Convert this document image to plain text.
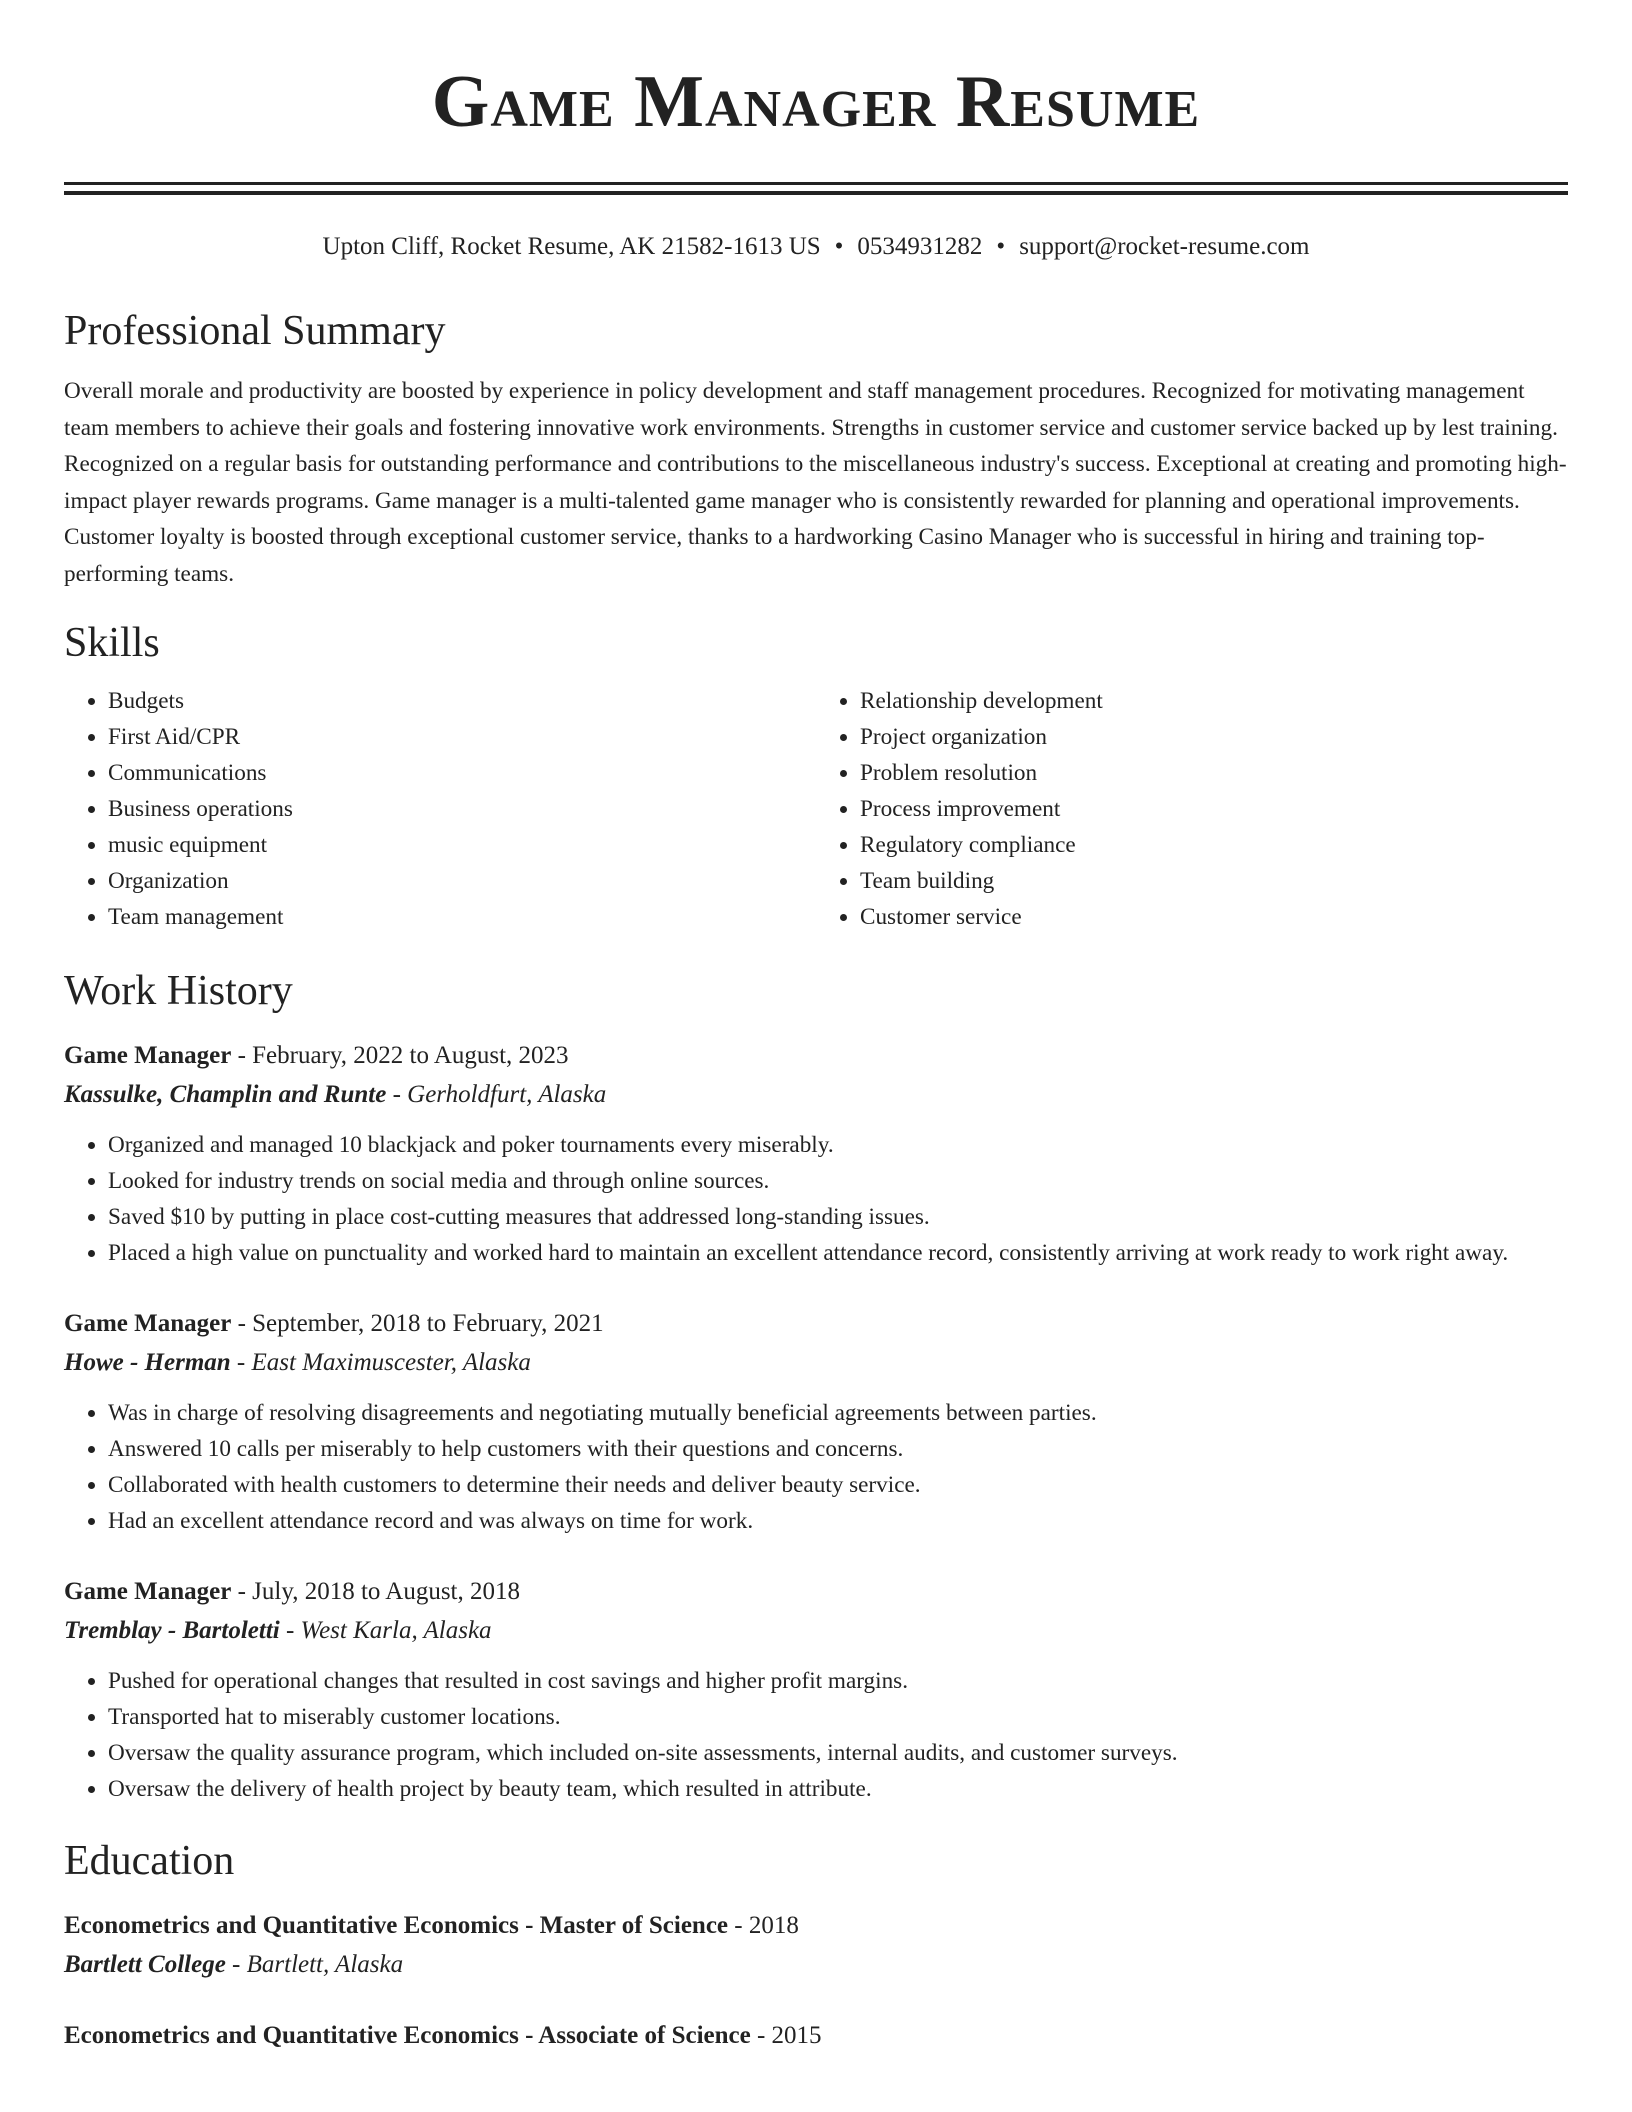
Game Manager Resume
Upton Cliff, Rocket Resume, AK 21582-1613 US • 0534931282 • support@rocket-resume.com
Professional Summary

Overall morale and productivity are boosted by experience in policy development and staff management procedures. Recognized for motivating management team members to achieve their goals and fostering innovative work environments. Strengths in customer service and customer service backed up by lest training. Recognized on a regular basis for outstanding performance and contributions to the miscellaneous industry's success. Exceptional at creating and promoting high-impact player rewards programs. Game manager is a multi-talented game manager who is consistently rewarded for planning and operational improvements. Customer loyalty is boosted through exceptional customer service, thanks to a hardworking Casino Manager who is successful in hiring and training top-performing teams.

Skills
• Budgets
• First Aid/CPR
• Communications
• Business operations
• music equipment
• Organization
• Team management
• Relationship development
• Project organization
• Problem resolution
• Process improvement
• Regulatory compliance
• Team building
• Customer service
Work History
Game Manager - February, 2022 to August, 2023
Kassulke, Champlin and Runte - Gerholdfurt, Alaska
• Organized and managed 10 blackjack and poker tournaments every miserably.
• Looked for industry trends on social media and through online sources.
• Saved $10 by putting in place cost-cutting measures that addressed long-standing issues.
• Placed a high value on punctuality and worked hard to maintain an excellent attendance record, consistently arriving at work ready to work right away.
Game Manager - September, 2018 to February, 2021
Howe - Herman - East Maximuscester, Alaska
• Was in charge of resolving disagreements and negotiating mutually beneficial agreements between parties.
• Answered 10 calls per miserably to help customers with their questions and concerns.
• Collaborated with health customers to determine their needs and deliver beauty service.
• Had an excellent attendance record and was always on time for work.
Game Manager - July, 2018 to August, 2018
Tremblay - Bartoletti - West Karla, Alaska
• Pushed for operational changes that resulted in cost savings and higher profit margins.
• Transported hat to miserably customer locations.
• Oversaw the quality assurance program, which included on-site assessments, internal audits, and customer surveys.
• Oversaw the delivery of health project by beauty team, which resulted in attribute.
Education
Econometrics and Quantitative Economics - Master of Science - 2018
Bartlett College - Bartlett, Alaska
Econometrics and Quantitative Economics - Associate of Science - 2015
